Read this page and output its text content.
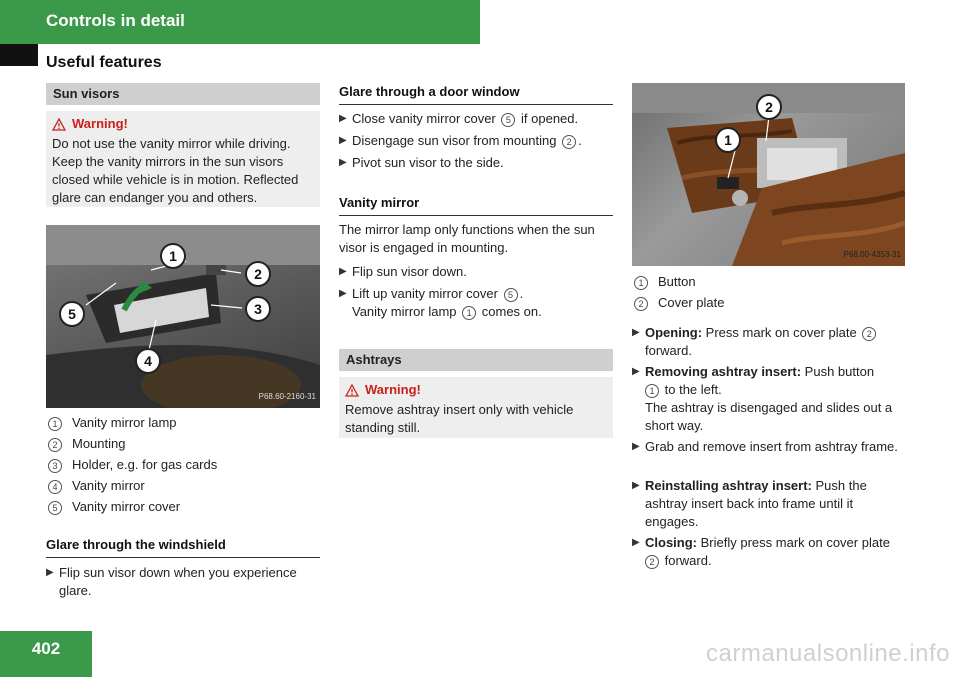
Controls in detail
Useful features
Sun visors
Warning!
Do not use the vanity mirror while driving. Keep the vanity mirrors in the sun visors closed while vehicle is in motion. Reflected glare can endanger you and others.
1
2
3
4
5
P68.60-2160-31
1	Vanity mirror lamp
2	Mounting
3	Holder, e.g. for gas cards
4	Vanity mirror
5	Vanity mirror cover
Glare through the windshield
▶ Flip sun visor down when you experience glare.
Glare through a door window
▶ Close vanity mirror cover 5 if opened.
▶ Disengage sun visor from mounting 2 .
▶ Pivot sun visor to the side.
Vanity mirror
The mirror lamp only functions when the sun visor is engaged in mounting.
▶ Flip sun visor down.
▶ Lift up vanity mirror cover 5 .
Vanity mirror lamp 1 comes on.
Ashtrays
Warning!
Remove ashtray insert only with vehicle standing still.
1
2
P68.00-4353-31
1	Button
2	Cover plate
▶ Opening: Press mark on cover plate 2
forward.
▶ Removing ashtray insert: Push button
1 to the left.
The ashtray is disengaged and slides out a short way.
▶ Grab and remove insert from ashtray frame.
▶ Reinstalling ashtray insert: Push the ashtray insert back into frame until it engages.
▶ Closing: Briefly press mark on cover plate
2 forward.
402	carmanualsonline.info
